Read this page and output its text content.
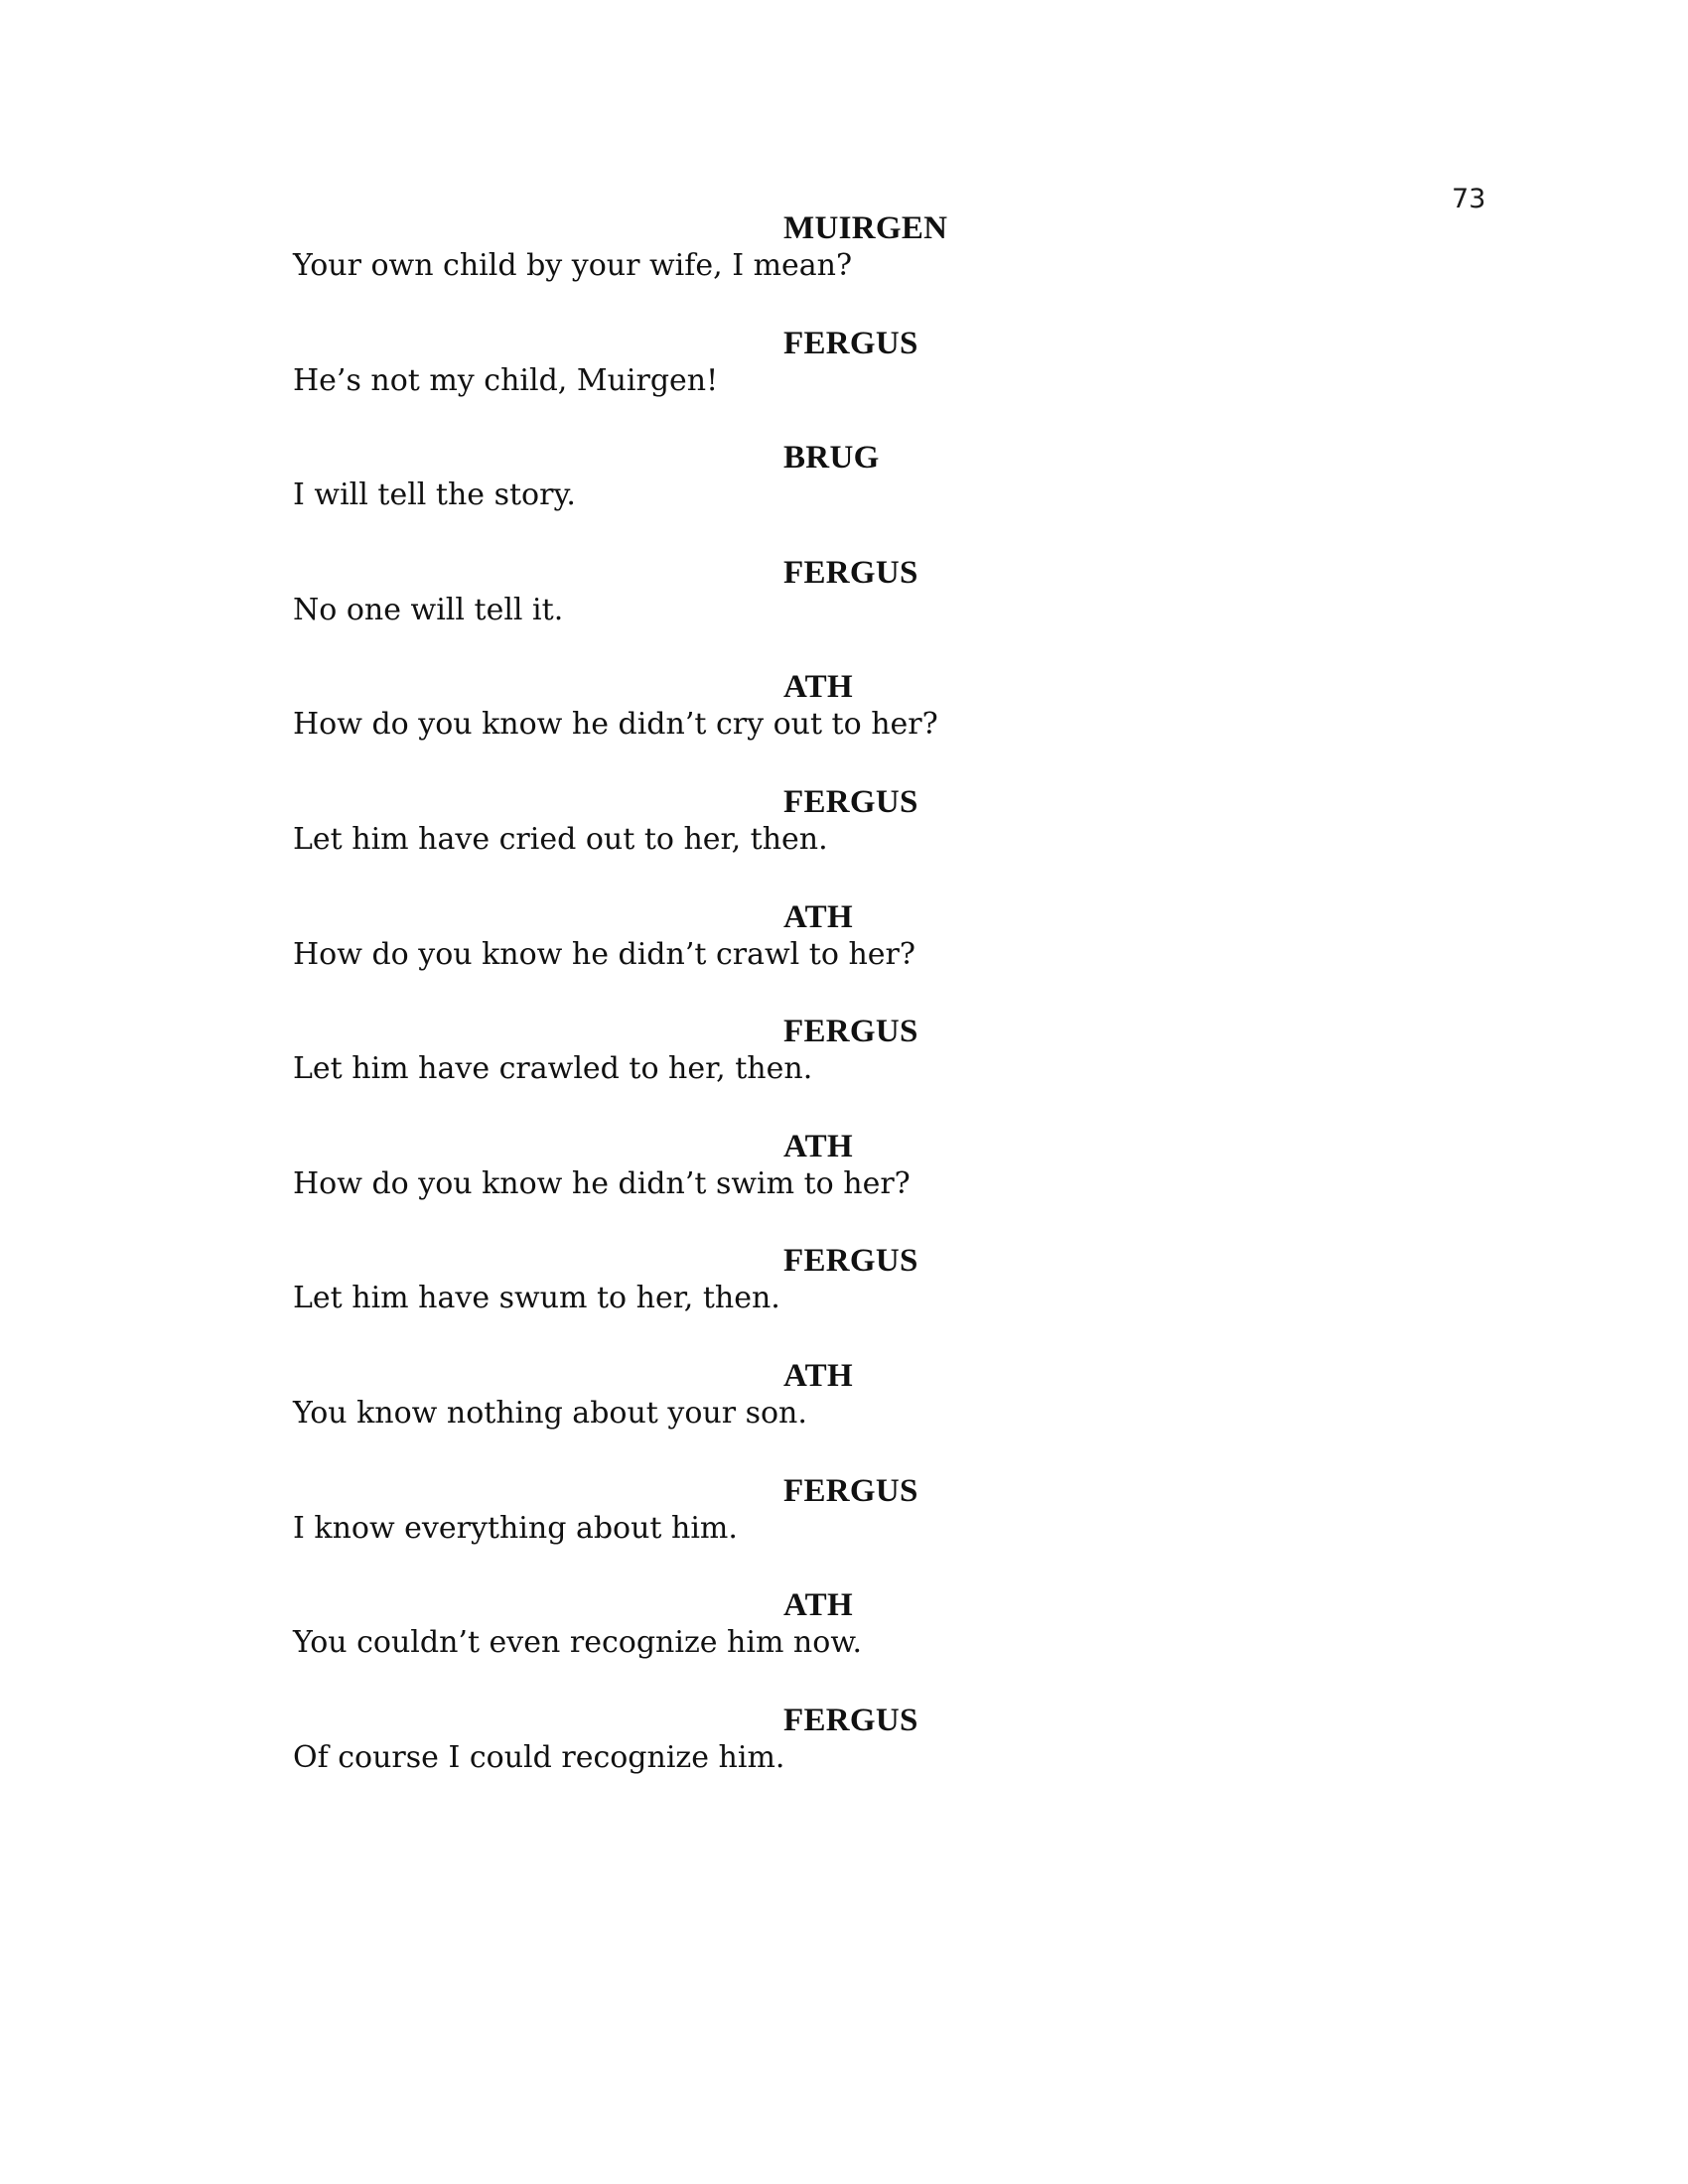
73
MUIRGEN
Your own child by your wife, I mean?
FERGUS
He’s not my child, Muirgen!
BRUG
I will tell the story.
FERGUS
No one will tell it.
ATH
How do you know he didn’t cry out to her?
FERGUS
Let him have cried out to her, then.
ATH
How do you know he didn’t crawl to her?
FERGUS
Let him have crawled to her, then.
ATH
How do you know he didn’t swim to her?
FERGUS
Let him have swum to her, then.
ATH
You know nothing about your son.
FERGUS
I know everything about him.
ATH
You couldn’t even recognize him now.
FERGUS
Of course I could recognize him.
